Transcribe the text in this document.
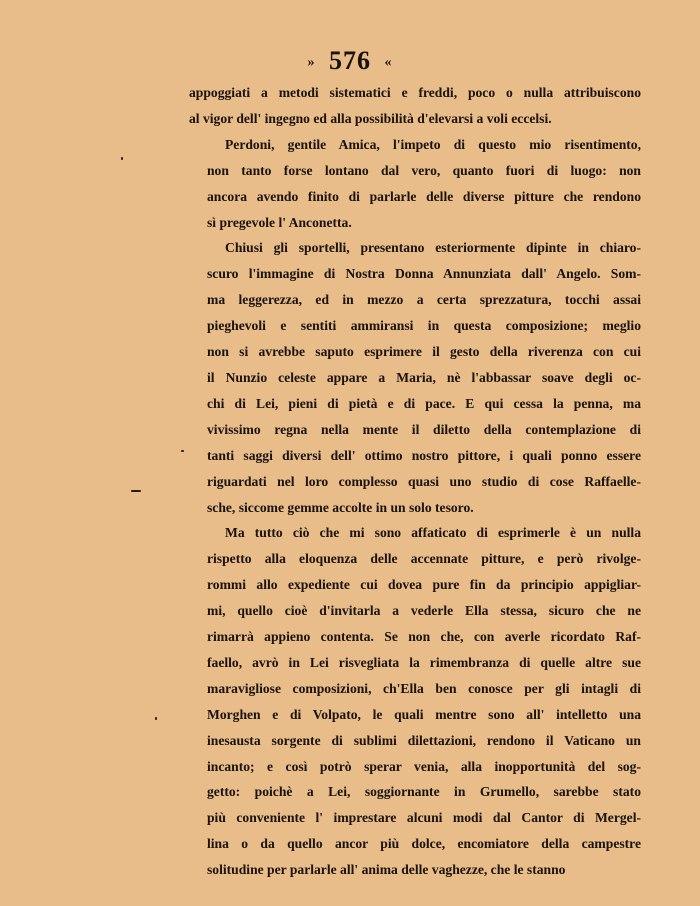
» 576 «

appoggiati a metodi sistematici e freddi, poco o nulla attribuiscono
al vigor dell' ingegno ed alla possibilità d'elevarsi a voli eccelsi.

Perdoni, gentile Amica, l'impeto di questo mio risentimento,
non tanto forse lontano dal vero, quanto fuori di luogo: non
ancora avendo finito di parlarle delle diverse pitture che rendono
sì pregevole l' Anconetta.

Chiusi gli sportelli, presentano esteriormente dipinte in chiaro-
scuro l'immagine di Nostra Donna Annunziata dall' Angelo. Som-
ma leggerezza, ed in mezzo a certa sprezzatura, tocchi assai
pieghevoli e sentiti ammiransi in questa composizione; meglio
non si avrebbe saputo esprimere il gesto della riverenza con cui
il Nunzio celeste appare a Maria, nè l'abbassar soave degli oc-
chi di Lei, pieni di pietà e di pace. E qui cessa la penna, ma
vivissimo regna nella mente il diletto della contemplazione di
tanti saggi diversi dell' ottimo nostro pittore, i quali ponno essere
riguardati nel loro complesso quasi uno studio di cose Raffaelle-
sche, siccome gemme accolte in un solo tesoro.

Ma tutto ciò che mi sono affaticato di esprimerle è un nulla
rispetto alla eloquenza delle accennate pitture, e però rivolge-
rommi allo expediente cui dovea pure fin da principio appigliar-
mi, quello cioè d'invitarla a vederle Ella stessa, sicuro che ne
rimarrà appieno contenta. Se non che, con averle ricordato Raf-
faello, avrò in Lei risvegliata la rimembranza di quelle altre sue
maravigliose composizioni, ch'Ella ben conosce per gli intagli di
Morghen e di Volpato, le quali mentre sono all' intelletto una
inesausta sorgente di sublimi dilettazioni, rendono il Vaticano un
incanto; e così potrò sperar venia, alla inopportunità del sog-
getto: poichè a Lei, soggiornante in Grumello, sarebbe stato
più conveniente l' imprestare alcuni modi dal Cantor di Mergel-
lina o da quello ancor più dolce, encomiatore della campestre
solitudine per parlarle all' anima delle vaghezze, che le stanno
